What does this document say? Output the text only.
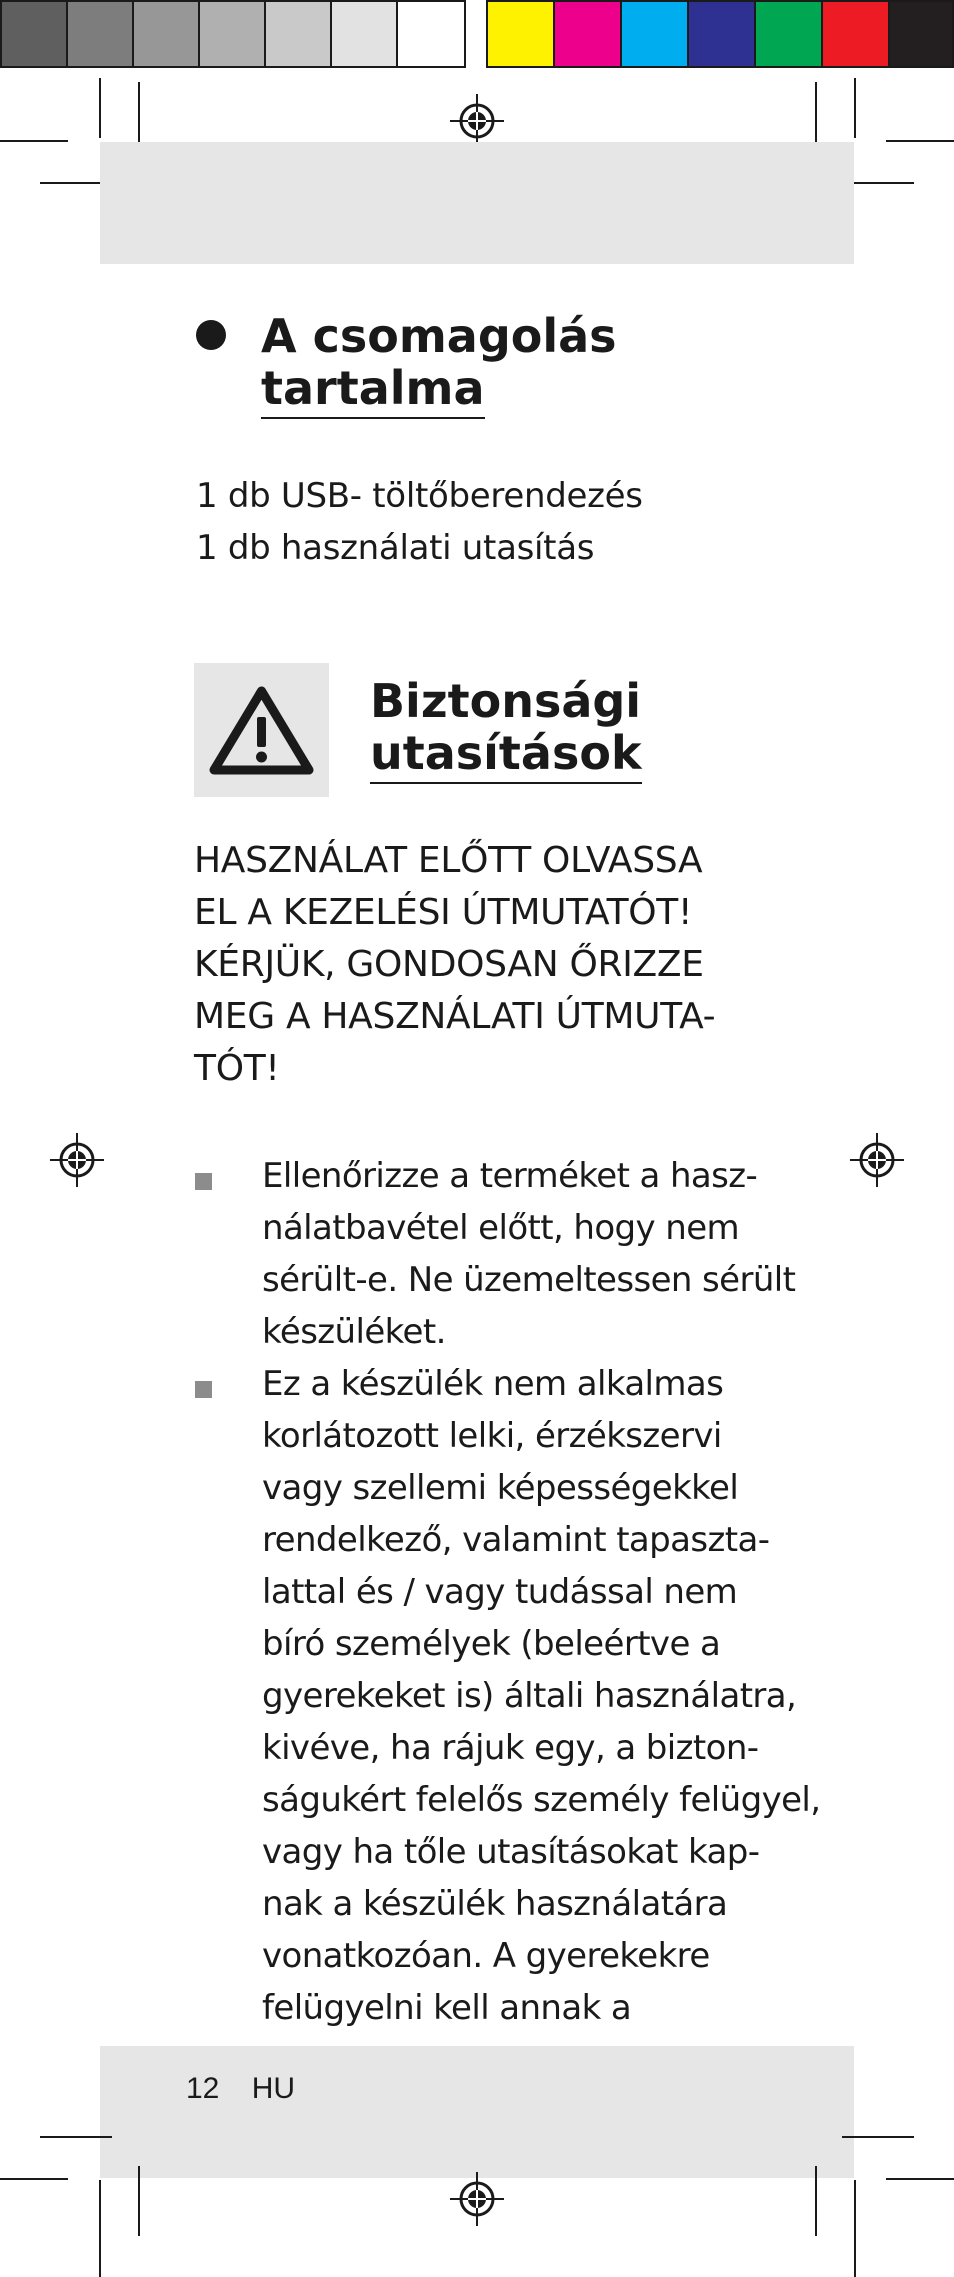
A csomagolás
tartalma
1 db USB- töltőberendezés
1 db használati utasítás
Biztonsági
utasítások
HASZNÁLAT ELŐTT OLVASSA
EL A KEZELÉSI ÚTMUTATÓT!
KÉRJÜK, GONDOSAN ŐRIZZE
MEG A HASZNÁLATI ÚTMUTA-
TÓT!
Ellenőrizze a terméket a hasz-
nálatbavétel előtt, hogy nem
sérült-e. Ne üzemeltessen sérült
készüléket.
Ez a készülék nem alkalmas
korlátozott lelki, érzékszervi
vagy szellemi képességekkel
rendelkező, valamint tapaszta-
lattal és / vagy tudással nem
bíró személyek (beleértve a
gyerekeket is) általi használatra,
kivéve, ha rájuk egy, a bizton-
ságukért felelős személy felügyel,
vagy ha tőle utasításokat kap-
nak a készülék használatára
vonatkozóan. A gyerekekre
felügyelni kell annak a
12 HU
